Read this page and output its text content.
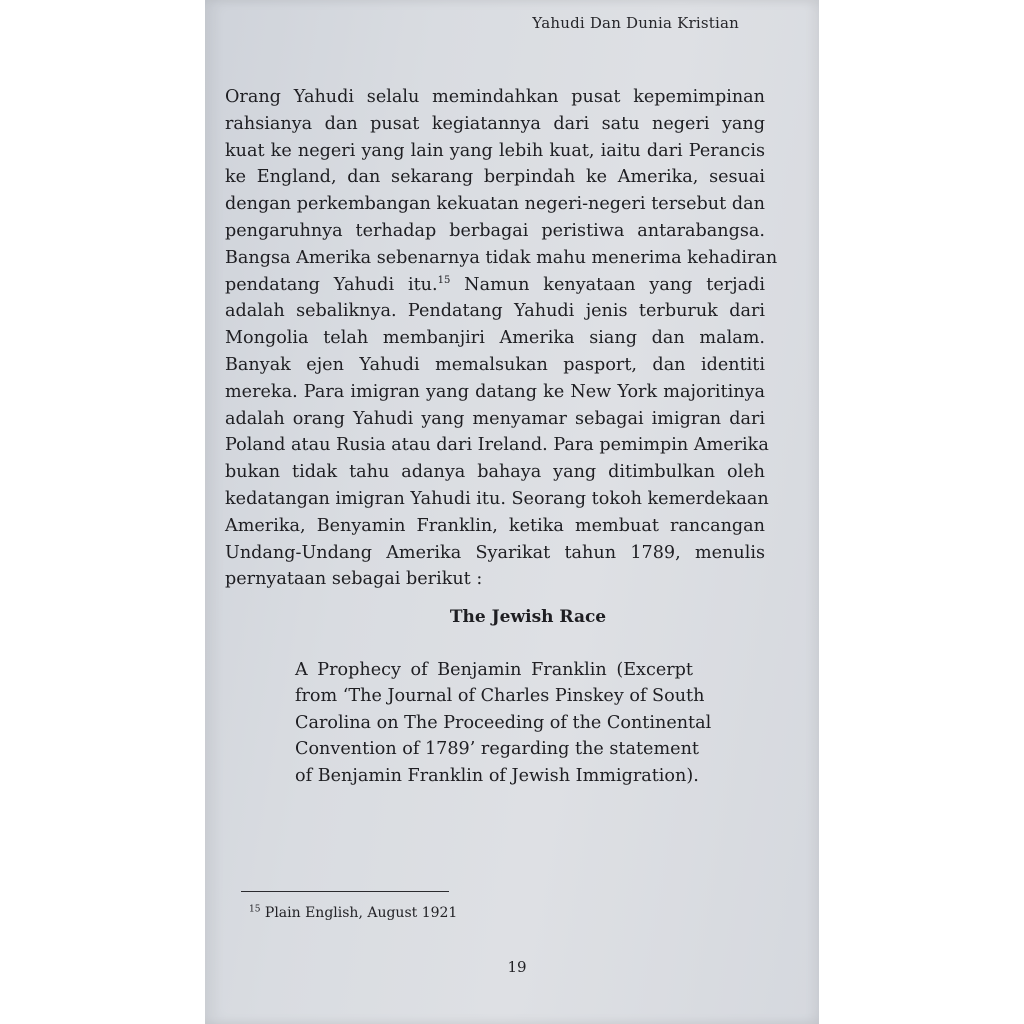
Yahudi Dan Dunia Kristian
Orang Yahudi selalu memindahkan pusat kepemimpinan
rahsianya dan pusat kegiatannya dari satu negeri yang
kuat ke negeri yang lain yang lebih kuat, iaitu dari Perancis
ke England, dan sekarang berpindah ke Amerika, sesuai
dengan perkembangan kekuatan negeri-negeri tersebut dan
pengaruhnya terhadap berbagai peristiwa antarabangsa.
Bangsa Amerika sebenarnya tidak mahu menerima kehadiran
pendatang Yahudi itu.$^{15}$ Namun kenyataan yang terjadi
adalah sebaliknya. Pendatang Yahudi jenis terburuk dari
Mongolia telah membanjiri Amerika siang dan malam.
Banyak ejen Yahudi memalsukan pasport, dan identiti
mereka. Para imigran yang datang ke New York majoritinya
adalah orang Yahudi yang menyamar sebagai imigran dari
Poland atau Rusia atau dari Ireland. Para pemimpin Amerika
bukan tidak tahu adanya bahaya yang ditimbulkan oleh
kedatangan imigran Yahudi itu. Seorang tokoh kemerdekaan
Amerika, Benyamin Franklin, ketika membuat rancangan
Undang-Undang Amerika Syarikat tahun 1789, menulis
pernyataan sebagai berikut :
The Jewish Race
A Prophecy of Benjamin Franklin (Excerpt
from ‘The Journal of Charles Pinskey of South
Carolina on The Proceeding of the Continental
Convention of 1789’ regarding the statement
of Benjamin Franklin of Jewish Immigration).
$^{15}$ Plain English, August 1921
19
